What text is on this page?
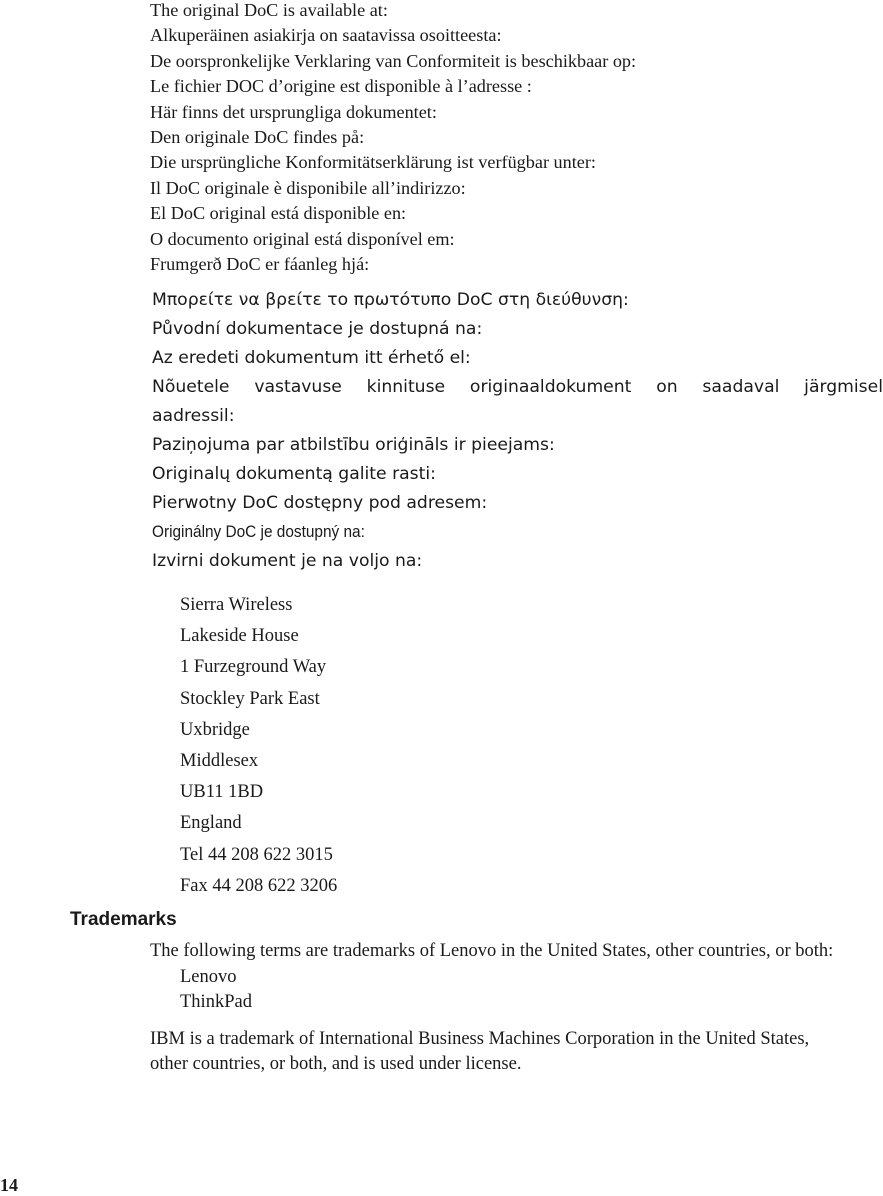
The original DoC is available at:
Alkuperäinen asiakirja on saatavissa osoitteesta:
De oorspronkelijke Verklaring van Conformiteit is beschikbaar op:
Le fichier DOC d’origine est disponible à l’adresse :
Här finns det ursprungliga dokumentet:
Den originale DoC findes på:
Die ursprüngliche Konformitätserklärung ist verfügbar unter:
Il DoC originale è disponibile all’indirizzo:
El DoC original está disponible en:
O documento original está disponível em:
Frumgerð DoC er fáanleg hjá:
Μπορείτε να βρείτε το πρωτότυπο DoC στη διεύθυνση:
Původní dokumentace je dostupná na:
Az eredeti dokumentum itt érhető el:
Nõuetele vastavuse kinnituse originaaldokument on saadaval järgmisel
aadressil:
Paziņojuma par atbilstību oriģināls ir pieejams:
Originalų dokumentą galite rasti:
Pierwotny DoC dostępny pod adresem:
Originálny DoC je dostupný na:
Izvirni dokument je na voljo na:
Sierra Wireless
Lakeside House
1 Furzeground Way
Stockley Park East
Uxbridge
Middlesex
UB11 1BD
England
Tel 44 208 622 3015
Fax 44 208 622 3206
Trademarks

The following terms are trademarks of Lenovo in the United States, other countries, or both:

Lenovo
ThinkPad

IBM is a trademark of International Business Machines Corporation in the United States, other countries, or both, and is used under license.

14
